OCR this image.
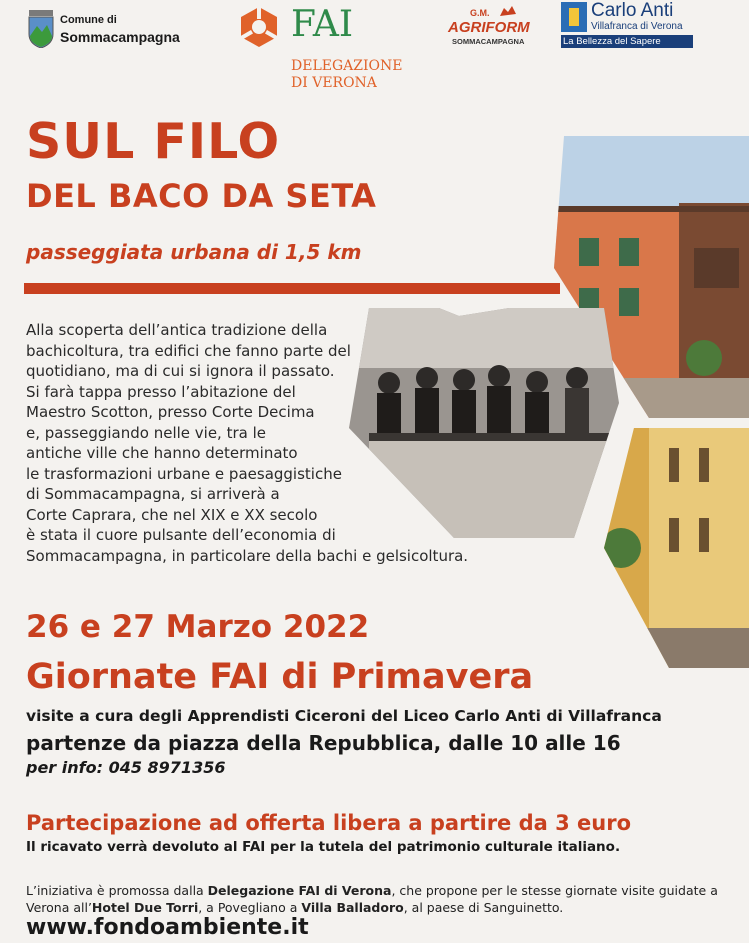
Comune di
Sommacampagna	FAI
DELEGAZIONE
DI VERONA
G.M.
AGRIFORM
SOMMACAMPAGNA
Carlo Anti
Villafranca di Verona
La Bellezza del Sapere
SUL FILO
DEL BACO DA SETA
passeggiata urbana di 1,5 km
Alla scoperta dell’antica tradizione della
bachicoltura, tra edifici che fanno parte del
quotidiano, ma di cui si ignora il passato.
Si farà tappa presso l’abitazione del
Maestro Scotton, presso Corte Decima
e, passeggiando nelle vie, tra le
antiche ville che hanno determinato
le trasformazioni urbane e paesaggistiche
di Sommacampagna, si arriverà a
Corte Caprara, che nel XIX e XX secolo
è stata il cuore pulsante dell’economia di
Sommacampagna, in particolare della bachi e gelsicoltura.
26 e 27 Marzo 2022
Giornate FAI di Primavera
visite a cura degli Apprendisti Ciceroni del Liceo Carlo Anti di Villafranca
partenze da piazza della Repubblica, dalle 10 alle 16
per info: 045 8971356
Partecipazione ad offerta libera a partire da 3 euro
Il ricavato verrà devoluto al FAI per la tutela del patrimonio culturale italiano.
L’iniziativa è promossa dalla Delegazione FAI di Verona, che propone per le stesse giornate visite guidate a Verona all’Hotel Due Torri, a Povegliano a Villa Balladoro, al paese di Sanguinetto.
www.fondoambiente.it
